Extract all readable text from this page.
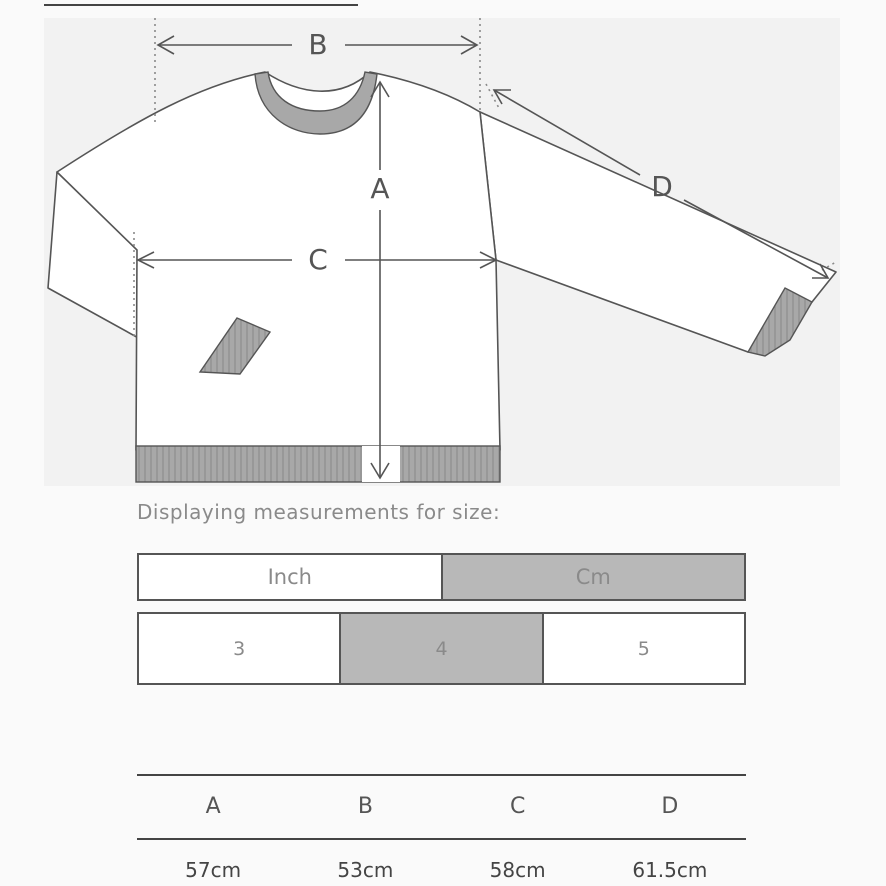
B
A
C
D
Displaying measurements for size:
Inch	Cm
3	4	5
A	B	C	D
57cm	53cm	58cm	61.5cm
